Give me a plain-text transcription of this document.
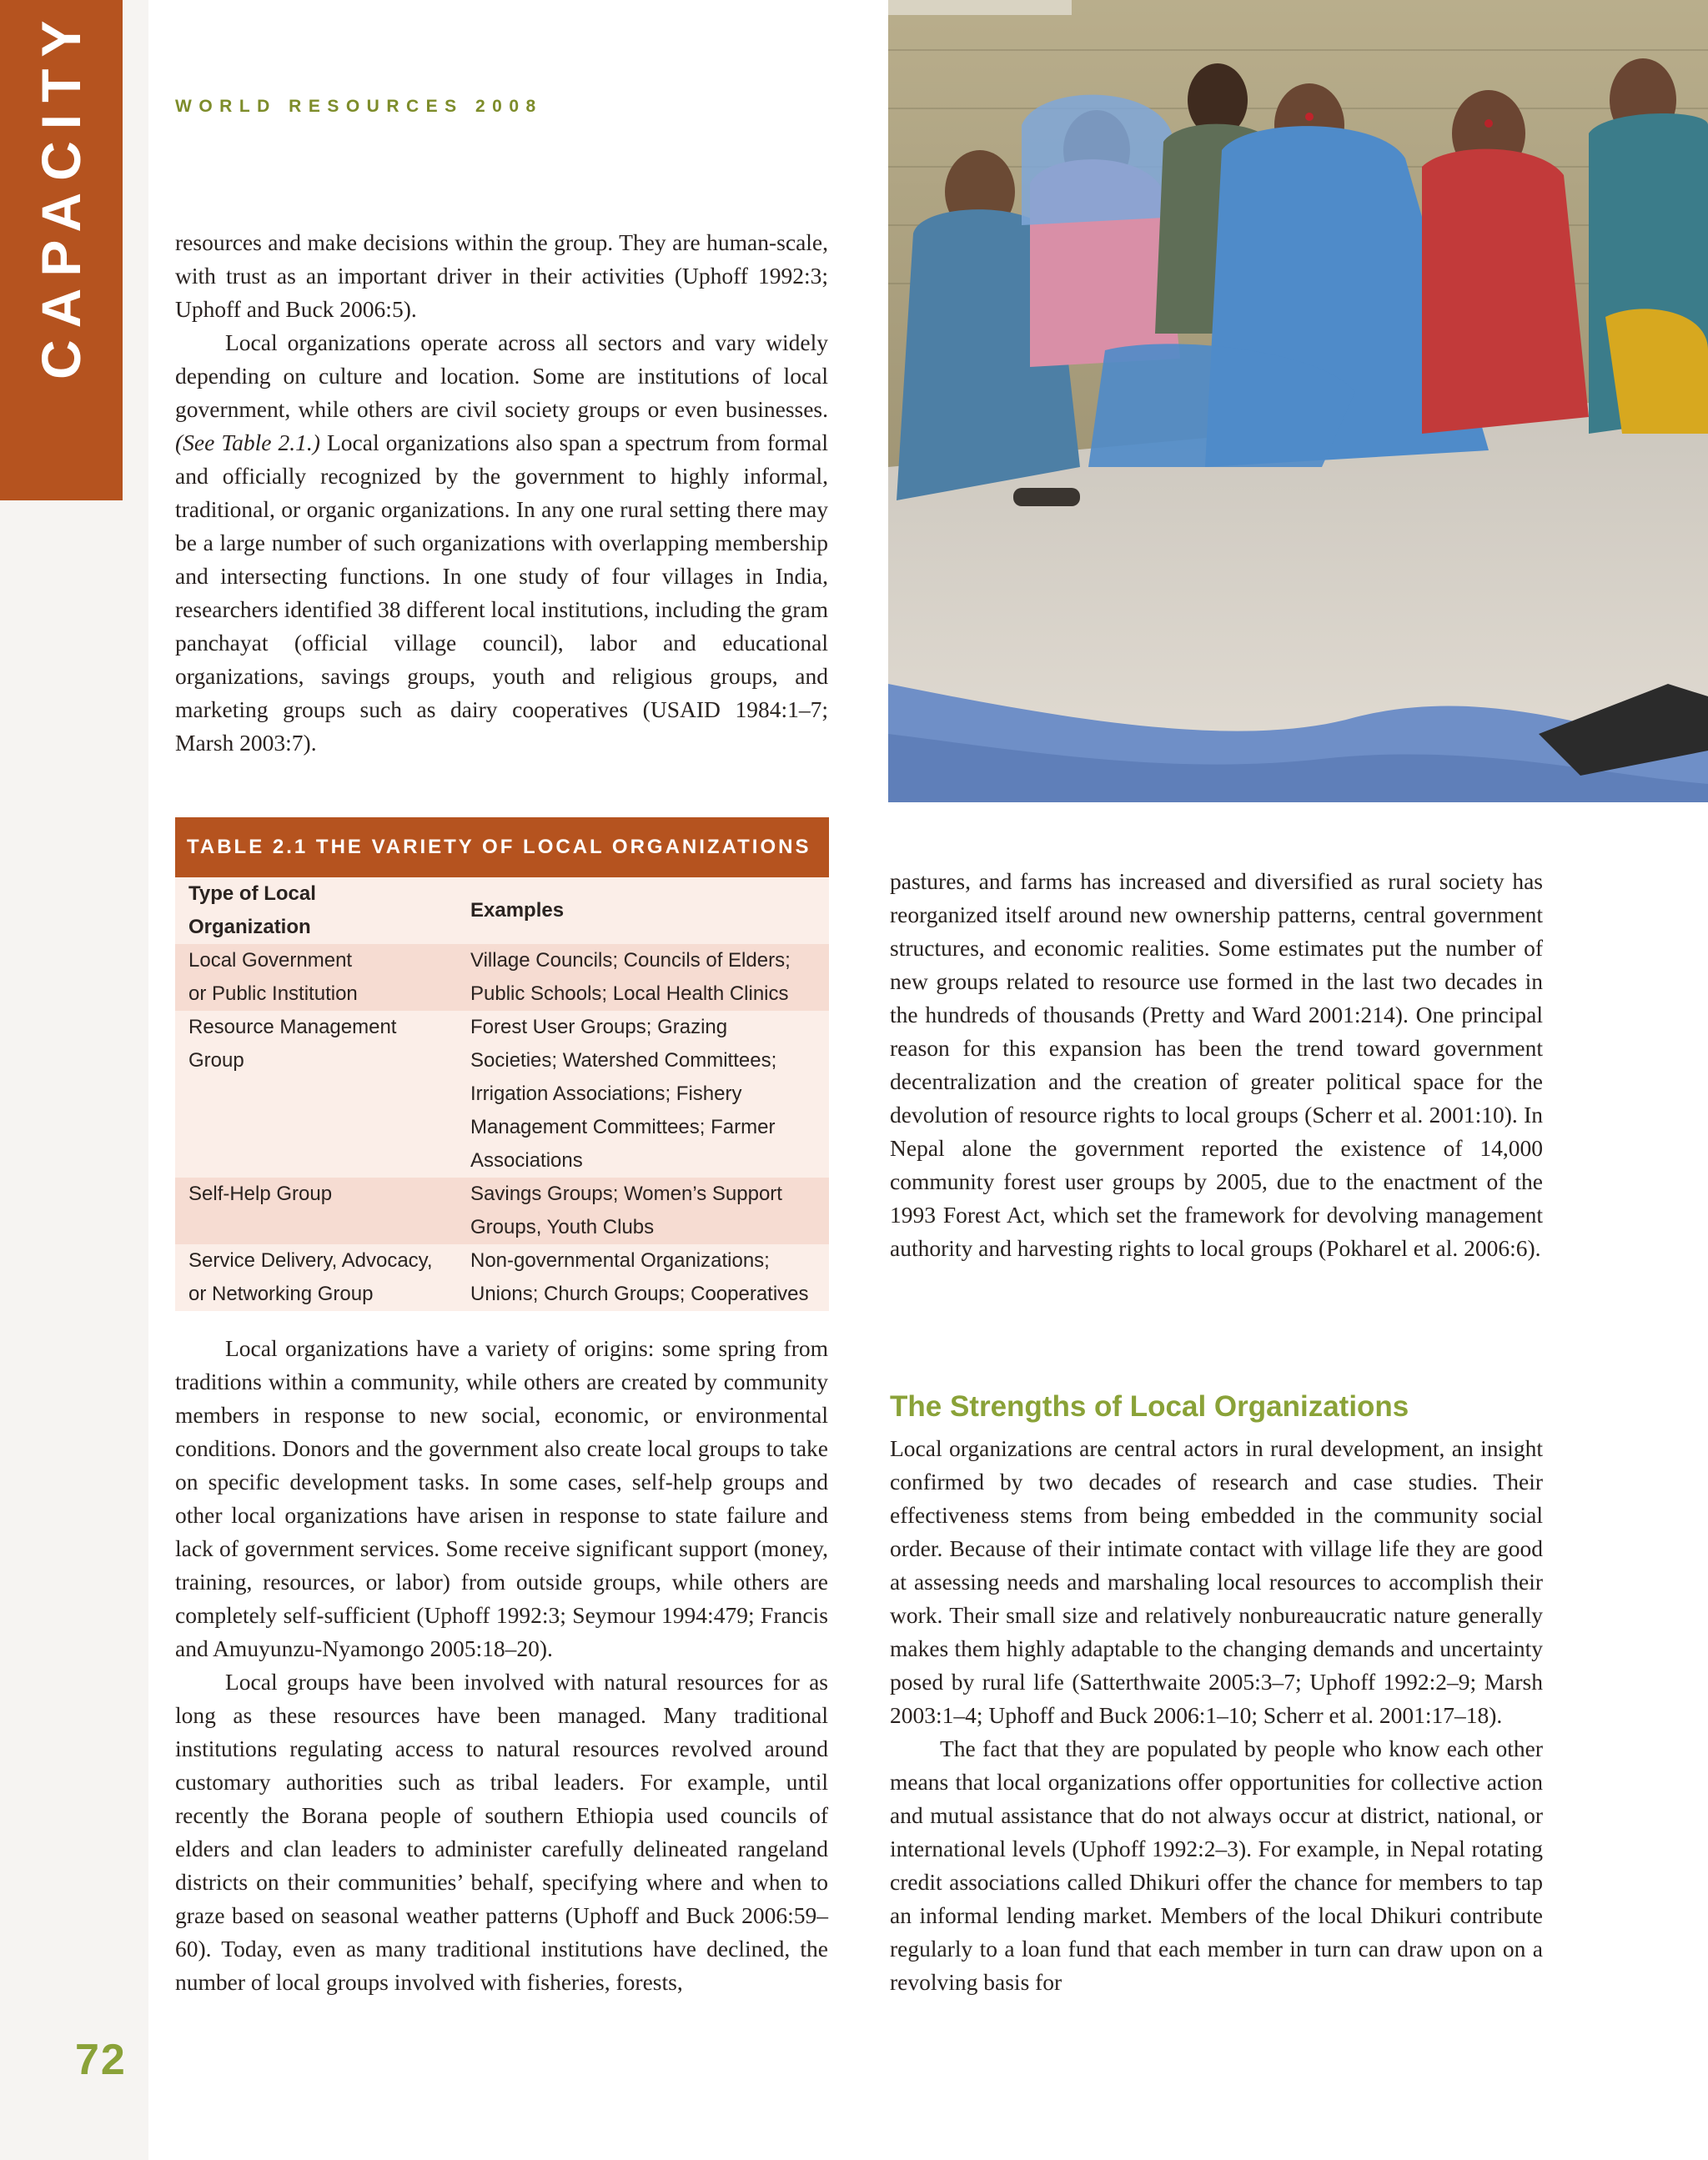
WORLD RESOURCES 2008

resources and make decisions within the group. They are human-scale, with trust as an important driver in their activities (Uphoff 1992:3; Uphoff and Buck 2006:5).

Local organizations operate across all sectors and vary widely depending on culture and location. Some are institutions of local government, while others are civil society groups or even businesses. (See Table 2.1.) Local organizations also span a spectrum from formal and officially recognized by the government to highly informal, traditional, or organic organizations. In any one rural setting there may be a large number of such organizations with overlapping membership and intersecting functions. In one study of four villages in India, researchers identified 38 different local institutions, including the gram panchayat (official village council), labor and educational organizations, savings groups, youth and religious groups, and marketing groups such as dairy cooperatives (USAID 1984:1–7; Marsh 2003:7).

TABLE 2.1 THE VARIETY OF LOCAL ORGANIZATIONS
Type of Local Organization	Examples
Local Government
or Public Institution	Village Councils; Councils of Elders; Public Schools; Local Health Clinics
Resource Management Group	Forest User Groups; Grazing Societies; Watershed Committees; Irrigation Associations; Fishery Management Committees; Farmer Associations
Self-Help Group	Savings Groups; Women’s Support Groups, Youth Clubs
Service Delivery, Advocacy,
or Networking Group	Non-governmental Organizations; Unions; Church Groups; Cooperatives

Local organizations have a variety of origins: some spring from traditions within a community, while others are created by community members in response to new social, economic, or environmental conditions. Donors and the government also create local groups to take on specific development tasks. In some cases, self-help groups and other local organizations have arisen in response to state failure and lack of government services. Some receive significant support (money, training, resources, or labor) from outside groups, while others are completely self-sufficient (Uphoff 1992:3; Seymour 1994:479; Francis and Amuyunzu-Nyamongo 2005:18–20).

Local groups have been involved with natural resources for as long as these resources have been managed. Many traditional institutions regulating access to natural resources revolved around customary authorities such as tribal leaders. For example, until recently the Borana people of southern Ethiopia used councils of elders and clan leaders to administer carefully delineated rangeland districts on their communities’ behalf, specifying where and when to graze based on seasonal weather patterns (Uphoff and Buck 2006:59–60). Today, even as many traditional institutions have declined, the number of local groups involved with fisheries, forests,

pastures, and farms has increased and diversified as rural society has reorganized itself around new ownership patterns, central government structures, and economic realities. Some estimates put the number of new groups related to resource use formed in the last two decades in the hundreds of thousands (Pretty and Ward 2001:214). One principal reason for this expansion has been the trend toward government decentralization and the creation of greater political space for the devolution of resource rights to local groups (Scherr et al. 2001:10). In Nepal alone the government reported the existence of 14,000 community forest user groups by 2005, due to the enactment of the 1993 Forest Act, which set the framework for devolving management authority and harvesting rights to local groups (Pokharel et al. 2006:6).

The Strengths of Local Organizations

Local organizations are central actors in rural development, an insight confirmed by two decades of research and case studies. Their effectiveness stems from being embedded in the community social order. Because of their intimate contact with village life they are good at assessing needs and marshaling local resources to accomplish their work. Their small size and relatively nonbureaucratic nature generally makes them highly adaptable to the changing demands and uncertainty posed by rural life (Satterthwaite 2005:3–7; Uphoff 1992:2–9; Marsh 2003:1–4; Uphoff and Buck 2006:1–10; Scherr et al. 2001:17–18).

The fact that they are populated by people who know each other means that local organizations offer opportunities for collective action and mutual assistance that do not always occur at district, national, or international levels (Uphoff 1992:2–3). For example, in Nepal rotating credit associations called Dhikuri offer the chance for members to tap an informal lending market. Members of the local Dhikuri contribute regularly to a loan fund that each member in turn can draw upon on a revolving basis for

72
